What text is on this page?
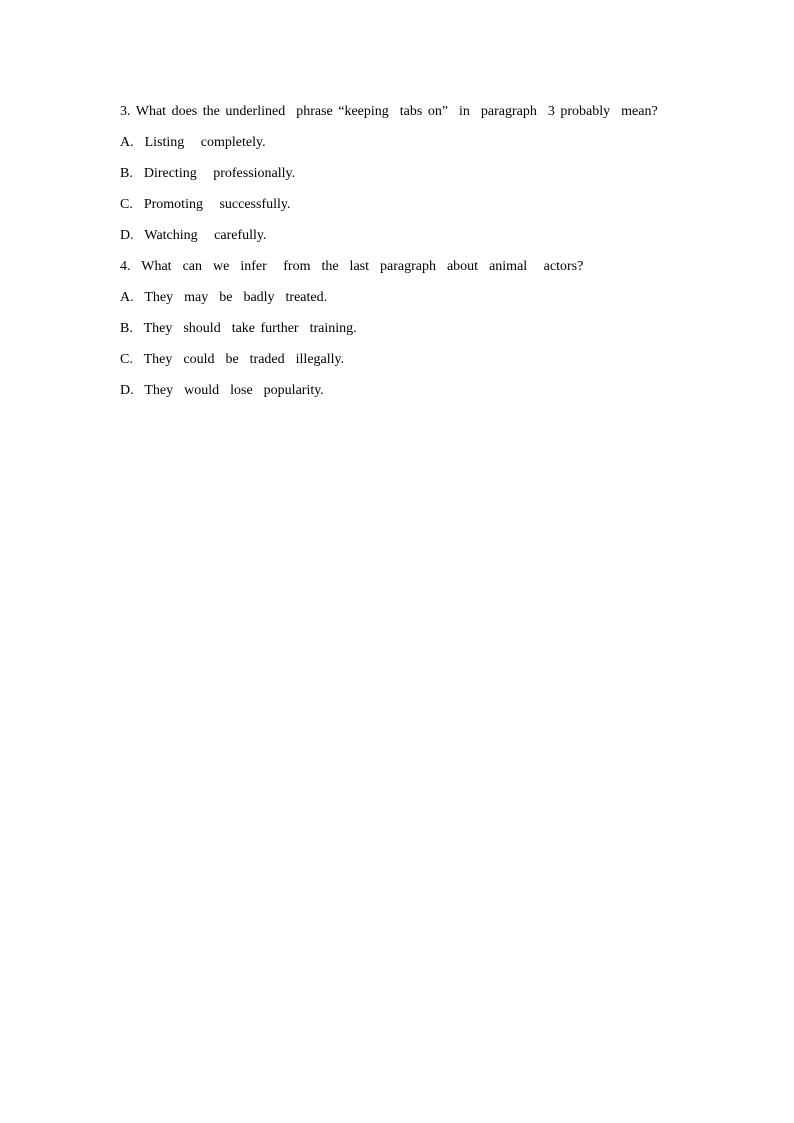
3. What does the underlined  phrase “keeping  tabs on”  in  paragraph  3 probably  mean?
A.  Listing   completely.
B.  Directing   professionally.
C.  Promoting   successfully.
D.  Watching   carefully.
4.  What  can  we  infer   from  the  last  paragraph  about  animal   actors?
A.  They  may  be  badly  treated.
B.  They  should  take further  training.
C.  They  could  be  traded  illegally.
D.  They  would  lose  popularity.
